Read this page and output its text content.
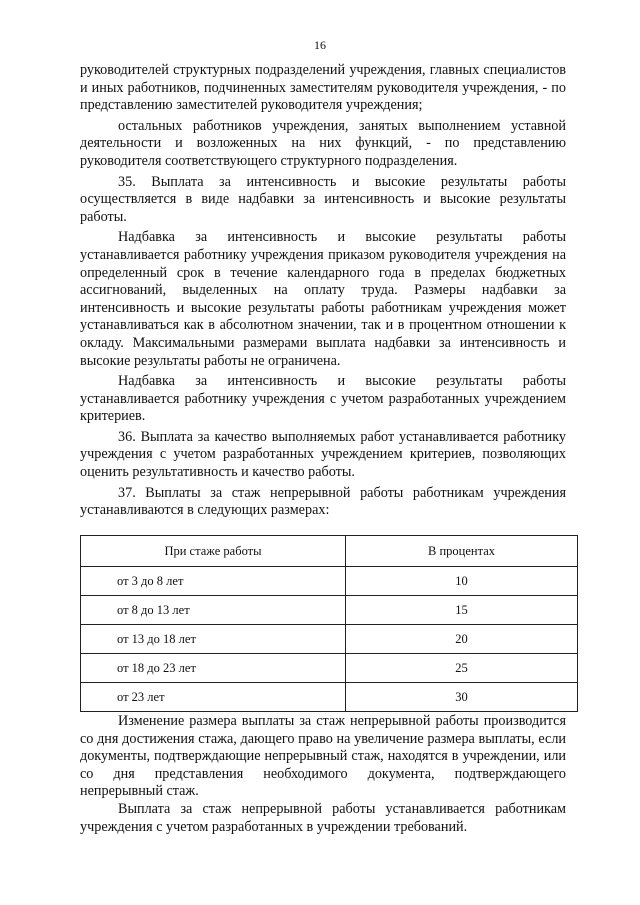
16

руководителей структурных подразделений учреждения, главных специалистов и иных работников, подчиненных заместителям руководителя учреждения, - по представлению заместителей руководителя учреждения;

остальных работников учреждения, занятых выполнением уставной деятельности и возложенных на них функций, - по представлению руководителя соответствующего структурного подразделения.

35. Выплата за интенсивность и высокие результаты работы осуществляется в виде надбавки за интенсивность и высокие результаты работы.

Надбавка за интенсивность и высокие результаты работы устанавливается работнику учреждения приказом руководителя учреждения на определенный срок в течение календарного года в пределах бюджетных ассигнований, выделенных на оплату труда. Размеры надбавки за интенсивность и высокие результаты работы работникам учреждения может устанавливаться как в абсолютном значении, так и в процентном отношении к окладу. Максимальными размерами выплата надбавки за интенсивность и высокие результаты работы не ограничена.

Надбавка за интенсивность и высокие результаты работы устанавливается работнику учреждения с учетом разработанных учреждением критериев.

36. Выплата за качество выполняемых работ устанавливается работнику учреждения с учетом разработанных учреждением критериев, позволяющих оценить результативность и качество работы.

37. Выплаты за стаж непрерывной работы работникам учреждения устанавливаются в следующих размерах:

При стаже работы	В процентах
от 3 до 8 лет	10
от 8 до 13 лет	15
от 13 до 18 лет	20
от 18 до 23 лет	25
от 23 лет	30

Изменение размера выплаты за стаж непрерывной работы производится со дня достижения стажа, дающего право на увеличение размера выплаты, если документы, подтверждающие непрерывный стаж, находятся в учреждении, или со дня представления необходимого документа, подтверждающего непрерывный стаж.

Выплата за стаж непрерывной работы устанавливается работникам учреждения с учетом разработанных в учреждении требований.
